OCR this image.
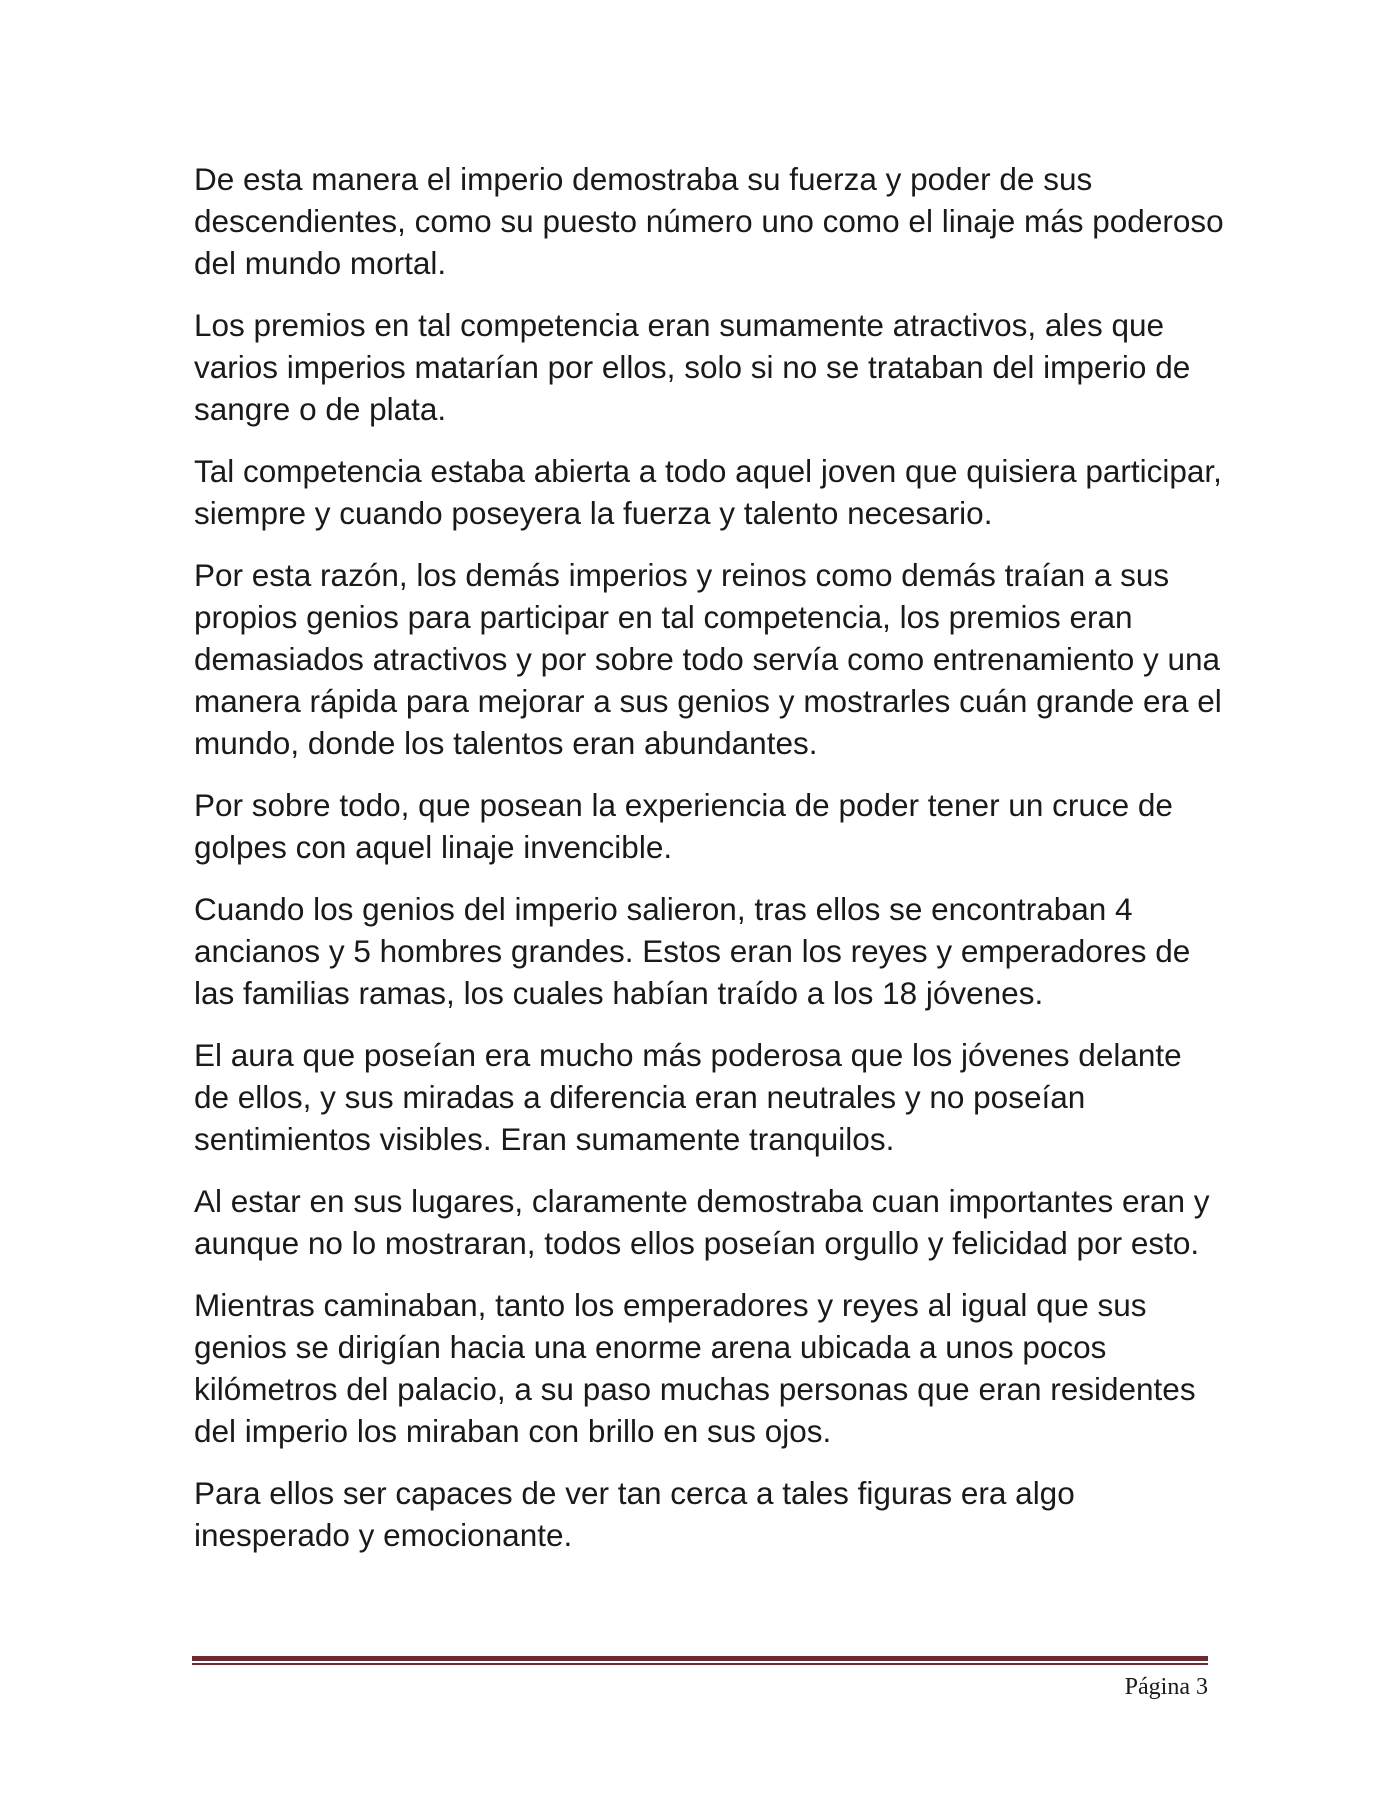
De esta manera el imperio demostraba su fuerza y poder de sus descendientes, como su puesto número uno como el linaje más poderoso del mundo mortal.

Los premios en tal competencia eran sumamente atractivos, ales que varios imperios matarían por ellos, solo si no se trataban del imperio de sangre o de plata.

Tal competencia estaba abierta a todo aquel joven que quisiera participar, siempre y cuando poseyera la fuerza y talento necesario.

Por esta razón, los demás imperios y reinos como demás traían a sus propios genios para participar en tal competencia, los premios eran demasiados atractivos y por sobre todo servía como entrenamiento y una manera rápida para mejorar a sus genios y mostrarles cuán grande era el mundo, donde los talentos eran abundantes.

Por sobre todo, que posean la experiencia de poder tener un cruce de golpes con aquel linaje invencible.

Cuando los genios del imperio salieron, tras ellos se encontraban 4 ancianos y 5 hombres grandes. Estos eran los reyes y emperadores de las familias ramas, los cuales habían traído a los 18 jóvenes.

El aura que poseían era mucho más poderosa que los jóvenes delante de ellos, y sus miradas a diferencia eran neutrales y no poseían sentimientos visibles. Eran sumamente tranquilos.

Al estar en sus lugares, claramente demostraba cuan importantes eran y aunque no lo mostraran, todos ellos poseían orgullo y felicidad por esto.

Mientras caminaban, tanto los emperadores y reyes al igual que sus genios se dirigían hacia una enorme arena ubicada a unos pocos kilómetros del palacio, a su paso muchas personas que eran residentes del imperio los miraban con brillo en sus ojos.

Para ellos ser capaces de ver tan cerca a tales figuras era algo inesperado y emocionante.

Página 3
